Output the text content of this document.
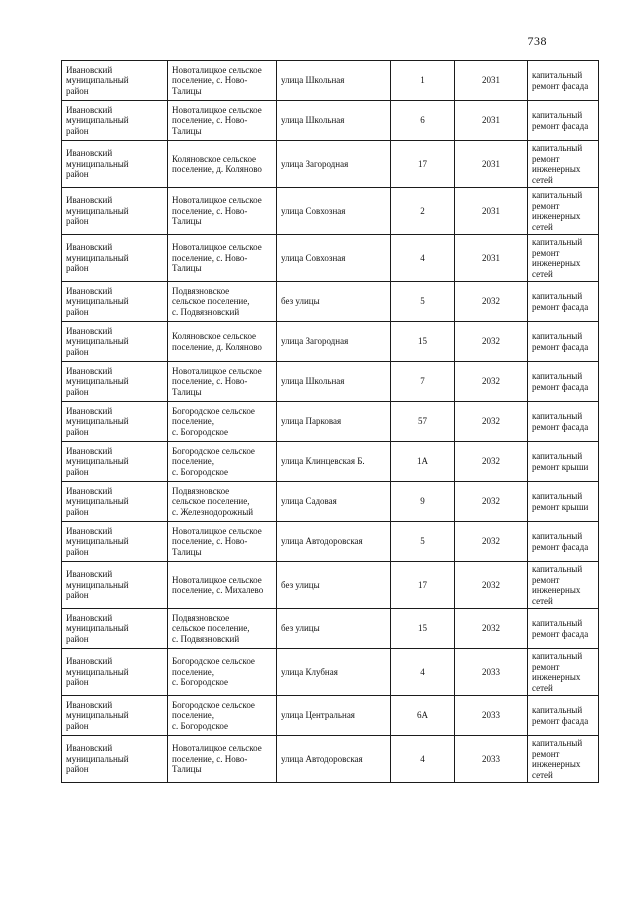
738
Ивановский
муниципальный
район	Новоталицкое сельское
поселение, с. Ново-
Талицы	улица Школьная	1	2031	капитальный
ремонт фасада

Ивановский
муниципальный
район	Новоталицкое сельское
поселение, с. Ново-
Талицы	улица Школьная	6	2031	капитальный
ремонт фасада

Ивановский
муниципальный
район	Коляновское сельское
поселение, д. Коляново	улица Загородная	17	2031	капитальный
ремонт
инженерных
сетей

Ивановский
муниципальный
район	Новоталицкое сельское
поселение, с. Ново-
Талицы	улица Совхозная	2	2031	капитальный
ремонт
инженерных
сетей

Ивановский
муниципальный
район	Новоталицкое сельское
поселение, с. Ново-
Талицы	улица Совхозная	4	2031	капитальный
ремонт
инженерных
сетей

Ивановский
муниципальный
район	Подвязновское
сельское поселение,
с. Подвязновский	без улицы	5	2032	капитальный
ремонт фасада

Ивановский
муниципальный
район	Коляновское сельское
поселение, д. Коляново	улица Загородная	15	2032	капитальный
ремонт фасада

Ивановский
муниципальный
район	Новоталицкое сельское
поселение, с. Ново-
Талицы	улица Школьная	7	2032	капитальный
ремонт фасада

Ивановский
муниципальный
район	Богородское сельское
поселение,
с. Богородское	улица Парковая	57	2032	капитальный
ремонт фасада

Ивановский
муниципальный
район	Богородское сельское
поселение,
с. Богородское	улица Клинцевская Б.	1А	2032	капитальный
ремонт крыши

Ивановский
муниципальный
район	Подвязновское
сельское поселение,
с. Железнодорожный	улица Садовая	9	2032	капитальный
ремонт крыши

Ивановский
муниципальный
район	Новоталицкое сельское
поселение, с. Ново-
Талицы	улица Автодоровская	5	2032	капитальный
ремонт фасада

Ивановский
муниципальный
район	Новоталицкое сельское
поселение, с. Михалево	без улицы	17	2032	капитальный
ремонт
инженерных
сетей

Ивановский
муниципальный
район	Подвязновское
сельское поселение,
с. Подвязновский	без улицы	15	2032	капитальный
ремонт фасада

Ивановский
муниципальный
район	Богородское сельское
поселение,
с. Богородское	улица Клубная	4	2033	капитальный
ремонт
инженерных
сетей

Ивановский
муниципальный
район	Богородское сельское
поселение,
с. Богородское	улица Центральная	6А	2033	капитальный
ремонт фасада

Ивановский
муниципальный
район	Новоталицкое сельское
поселение, с. Ново-
Талицы	улица Автодоровская	4	2033	капитальный
ремонт
инженерных
сетей
